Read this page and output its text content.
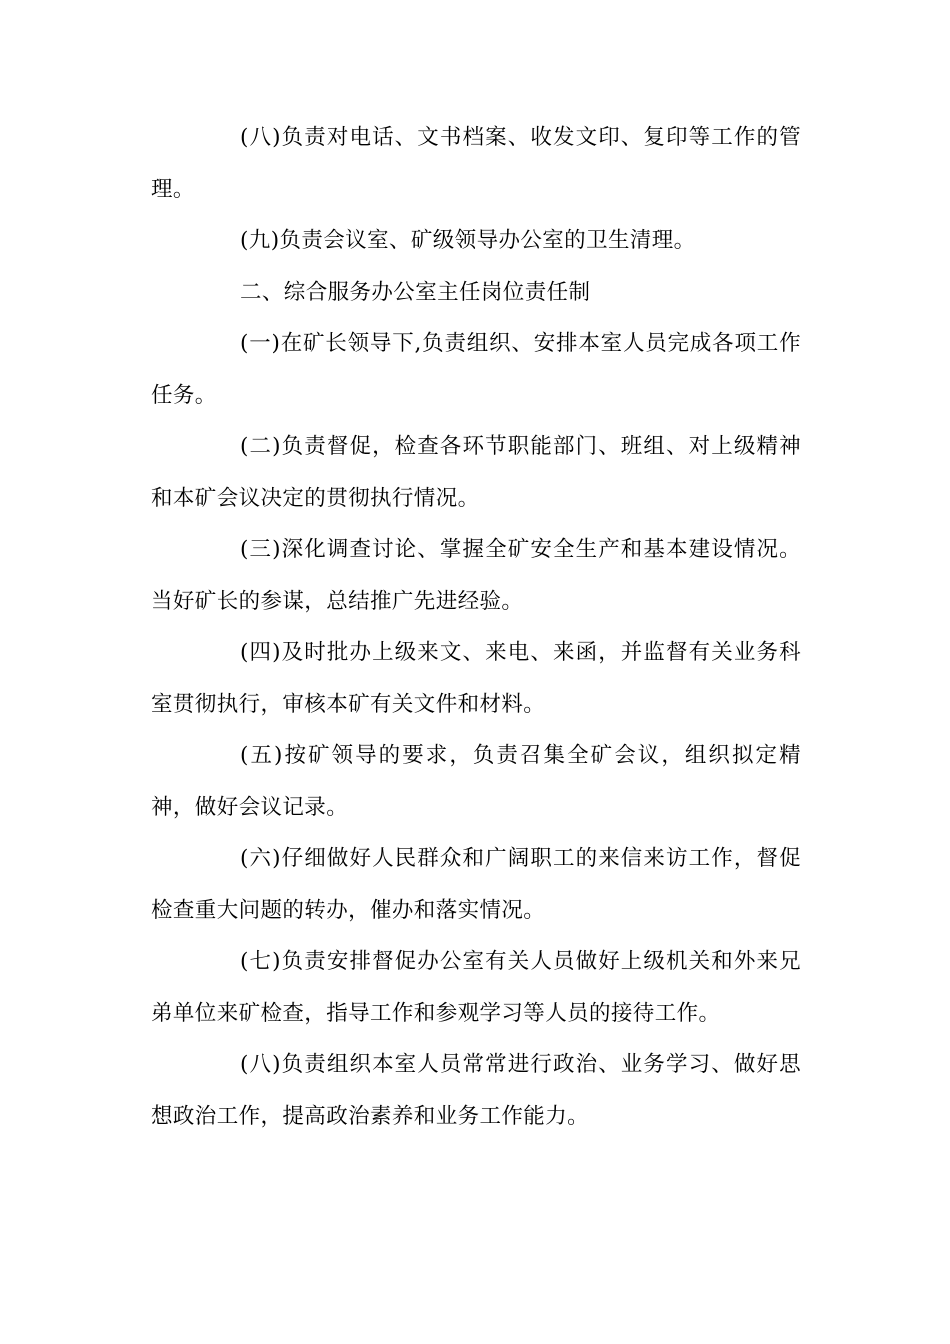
(八)负责对电话、文书档案、收发文印、复印等工作的管理。

(九)负责会议室、矿级领导办公室的卫生清理。

二、综合服务办公室主任岗位责任制

(一)在矿长领导下,负责组织、安排本室人员完成各项工作任务。

(二)负责督促，检查各环节职能部门、班组、对上级精神和本矿会议决定的贯彻执行情况。

(三)深化调查讨论、掌握全矿安全生产和基本建设情况。当好矿长的参谋，总结推广先进经验。

(四)及时批办上级来文、来电、来函，并监督有关业务科室贯彻执行，审核本矿有关文件和材料。

(五)按矿领导的要求，负责召集全矿会议，组织拟定精神，做好会议记录。

(六)仔细做好人民群众和广阔职工的来信来访工作，督促检查重大问题的转办，催办和落实情况。

(七)负责安排督促办公室有关人员做好上级机关和外来兄弟单位来矿检查，指导工作和参观学习等人员的接待工作。

(八)负责组织本室人员常常进行政治、业务学习、做好思想政治工作，提高政治素养和业务工作能力。
